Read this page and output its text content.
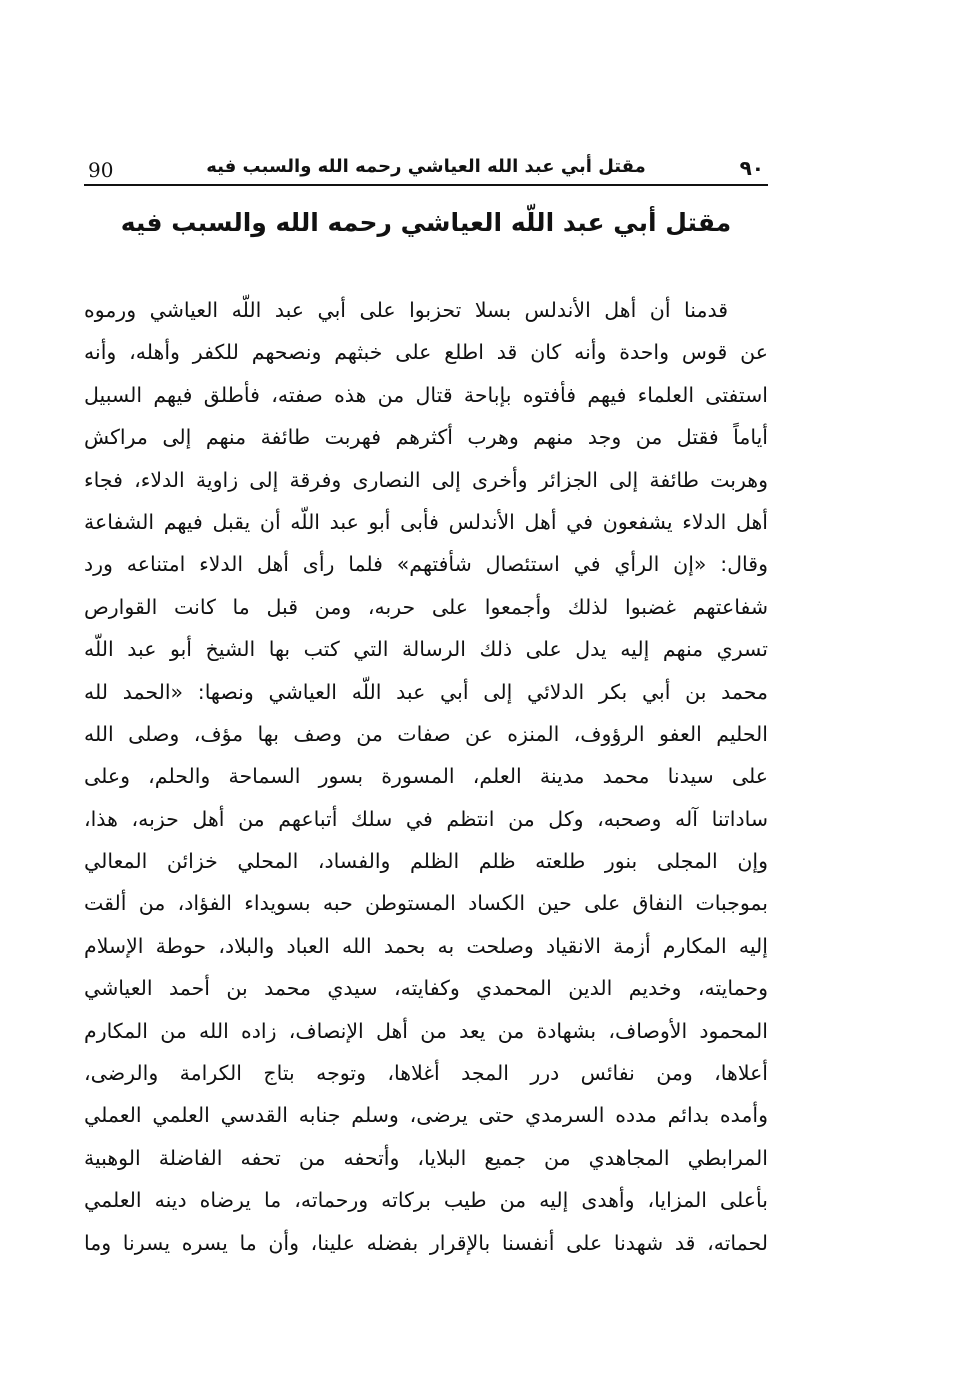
90	مقتل أبي عبد الله العياشي رحمه الله والسبب فيه	٩٠
مقتل أبي عبد اللّه العياشي رحمه الله والسبب فيه
قدمنا أن أهل الأندلس بسلا تحزبوا على أبي عبد اللّه العياشي ورموه
عن قوس واحدة وأنه كان قد اطلع على خبثهم ونصحهم للكفر وأهله، وأنه
استفتى العلماء فيهم فأفتوه بإباحة قتال من هذه صفته، فأطلق فيهم السبيل
أياماً فقتل من وجد منهم وهرب أكثرهم فهربت طائفة منهم إلى مراكش
وهربت طائفة إلى الجزائر وأخرى إلى النصارى وفرقة إلى زاوية الدلاء، فجاء
أهل الدلاء يشفعون في أهل الأندلس فأبى أبو عبد اللّه أن يقبل فيهم الشفاعة
وقال: «إن الرأي في استئصال شأفتهم» فلما رأى أهل الدلاء امتناعه ورد
شفاعتهم غضبوا لذلك وأجمعوا على حربه، ومن قبل ما كانت القوارص
تسري منهم إليه يدل على ذلك الرسالة التي كتب بها الشيخ أبو عبد اللّه
محمد بن أبي بكر الدلائي إلى أبي عبد اللّه العياشي ونصها: «الحمد لله
الحليم العفو الرؤوف، المنزه عن صفات من وصف بها مؤف، وصلى الله
على سيدنا محمد مدينة العلم، المسورة بسور السماحة والحلم، وعلى
ساداتنا آله وصحبه، وكل من انتظم في سلك أتباعهم من أهل حزبه، هذا،
وإن المجلى بنور طلعته ظلم الظلم والفساد، المحلي خزائن المعالي
بموجبات النفاق على حين الكساد المستوطن حبه بسويداء الفؤاد، من ألقت
إليه المكارم أزمة الانقياد وصلحت به بحمد الله العباد والبلاد، حوطة الإسلام
وحمايته، وخديم الدين المحمدي وكفايته، سيدي محمد بن أحمد العياشي
المحمود الأوصاف، بشهادة من يعد من أهل الإنصاف، زاده الله من المكارم
أعلاها، ومن نفائس درر المجد أغلاها، وتوجه بتاج الكرامة والرضى،
وأمده بدائم مدده السرمدي حتى يرضى، وسلم جنابه القدسي العلمي العملي
المرابطي المجاهدي من جميع البلايا، وأتحفه من تحفه الفاضلة الوهبية
بأعلى المزايا، وأهدى إليه من طيب بركاته ورحماته، ما يرضاه دينه العلمي
لحماته، قد شهدنا على أنفسنا بالإقرار بفضله علينا، وأن ما يسره يسرنا وما
